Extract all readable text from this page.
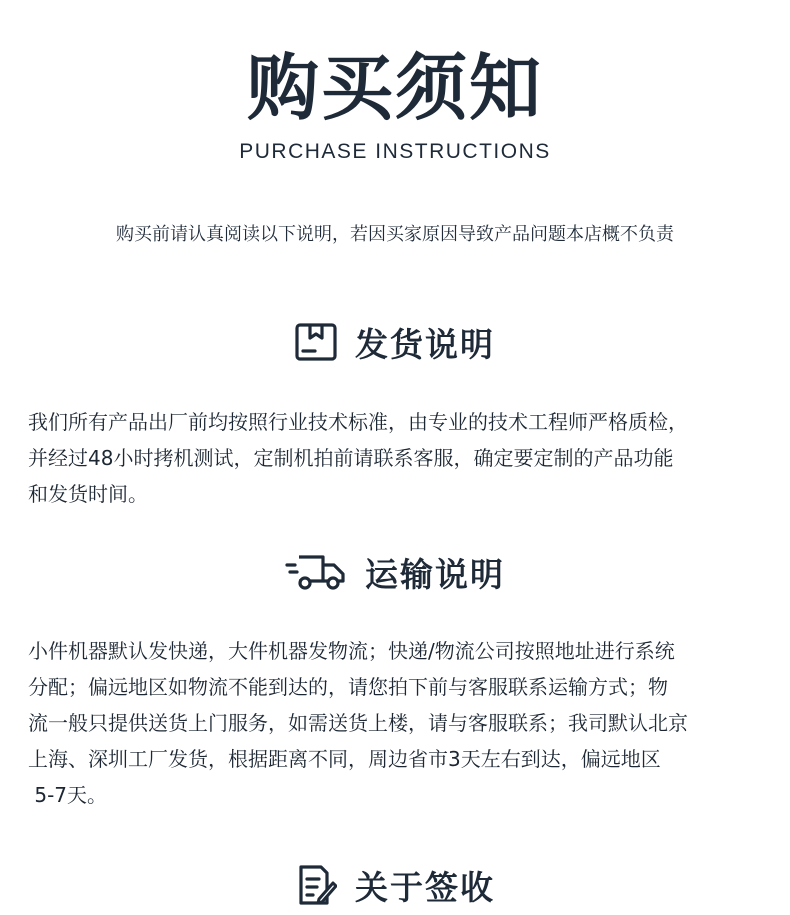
购买须知
PURCHASE INSTRUCTIONS
购买前请认真阅读以下说明，若因买家原因导致产品问题本店概不负责
发货说明
我们所有产品出厂前均按照行业技术标准，由专业的技术工程师严格质检，
并经过48小时拷机测试，定制机拍前请联系客服，确定要定制的产品功能
和发货时间。
运输说明
小件机器默认发快递，大件机器发物流；快递/物流公司按照地址进行系统
分配；偏远地区如物流不能到达的，请您拍下前与客服联系运输方式；物
流一般只提供送货上门服务，如需送货上楼，请与客服联系；我司默认北京
上海、深圳工厂发货，根据距离不同，周边省市3天左右到达，偏远地区
5-7天。
关于签收
